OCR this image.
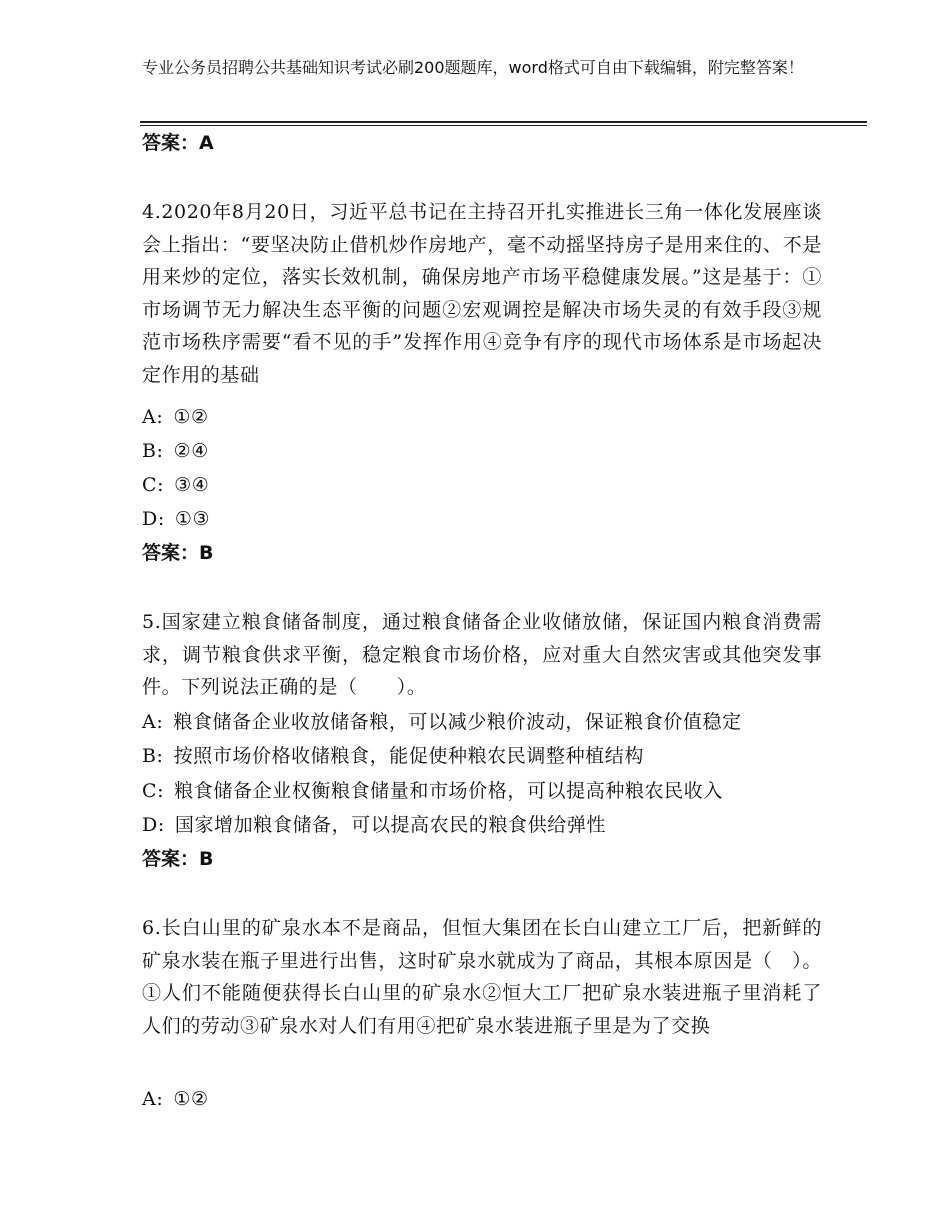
专业公务员招聘公共基础知识考试必刷200题题库，word格式可自由下载编辑，附完整答案！
答案：A
4.2020年8月20日，习近平总书记在主持召开扎实推进长三角一体化发展座谈会上指出：“要坚决防止借机炒作房地产，毫不动摇坚持房子是用来住的、不是用来炒的定位，落实长效机制，确保房地产市场平稳健康发展。”这是基于：①市场调节无力解决生态平衡的问题②宏观调控是解决市场失灵的有效手段③规范市场秩序需要“看不见的手”发挥作用④竞争有序的现代市场体系是市场起决定作用的基础
A: ①②
B: ②④
C: ③④
D: ①③
答案：B
5.国家建立粮食储备制度，通过粮食储备企业收储放储，保证国内粮食消费需求，调节粮食供求平衡，稳定粮食市场价格，应对重大自然灾害或其他突发事件。下列说法正确的是（　　）。
A: 粮食储备企业收放储备粮，可以减少粮价波动，保证粮食价值稳定
B: 按照市场价格收储粮食，能促使种粮农民调整种植结构
C: 粮食储备企业权衡粮食储量和市场价格，可以提高种粮农民收入
D: 国家增加粮食储备，可以提高农民的粮食供给弹性
答案：B
6.长白山里的矿泉水本不是商品，但恒大集团在长白山建立工厂后，把新鲜的矿泉水装在瓶子里进行出售，这时矿泉水就成为了商品，其根本原因是（　）。①人们不能随便获得长白山里的矿泉水②恒大工厂把矿泉水装进瓶子里消耗了人们的劳动③矿泉水对人们有用④把矿泉水装进瓶子里是为了交换
A: ①②
